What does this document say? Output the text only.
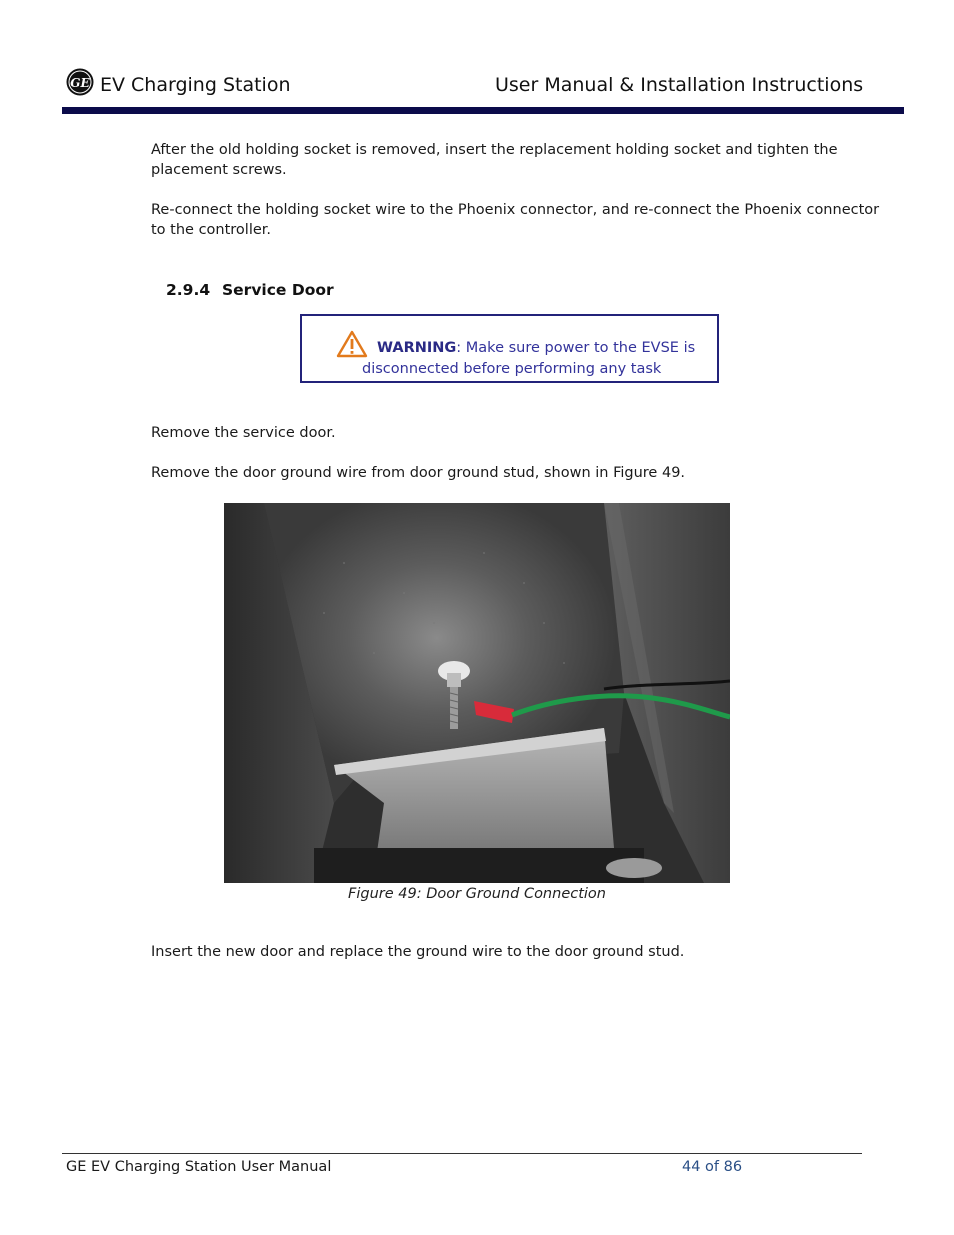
GE EV Charging Station	User Manual & Installation Instructions
After the old holding socket is removed, insert the replacement holding socket and tighten the placement screws.
Re-connect the holding socket wire to the Phoenix connector, and re-connect the Phoenix connector to the controller.
2.9.4 Service Door
WARNING: Make sure power to the EVSE is
disconnected before performing any task
Remove the service door.
Remove the door ground wire from door ground stud, shown in Figure 49.
Figure 49: Door Ground Connection
Insert the new door and replace the ground wire to the door ground stud.
GE EV Charging Station User Manual	44 of 86
